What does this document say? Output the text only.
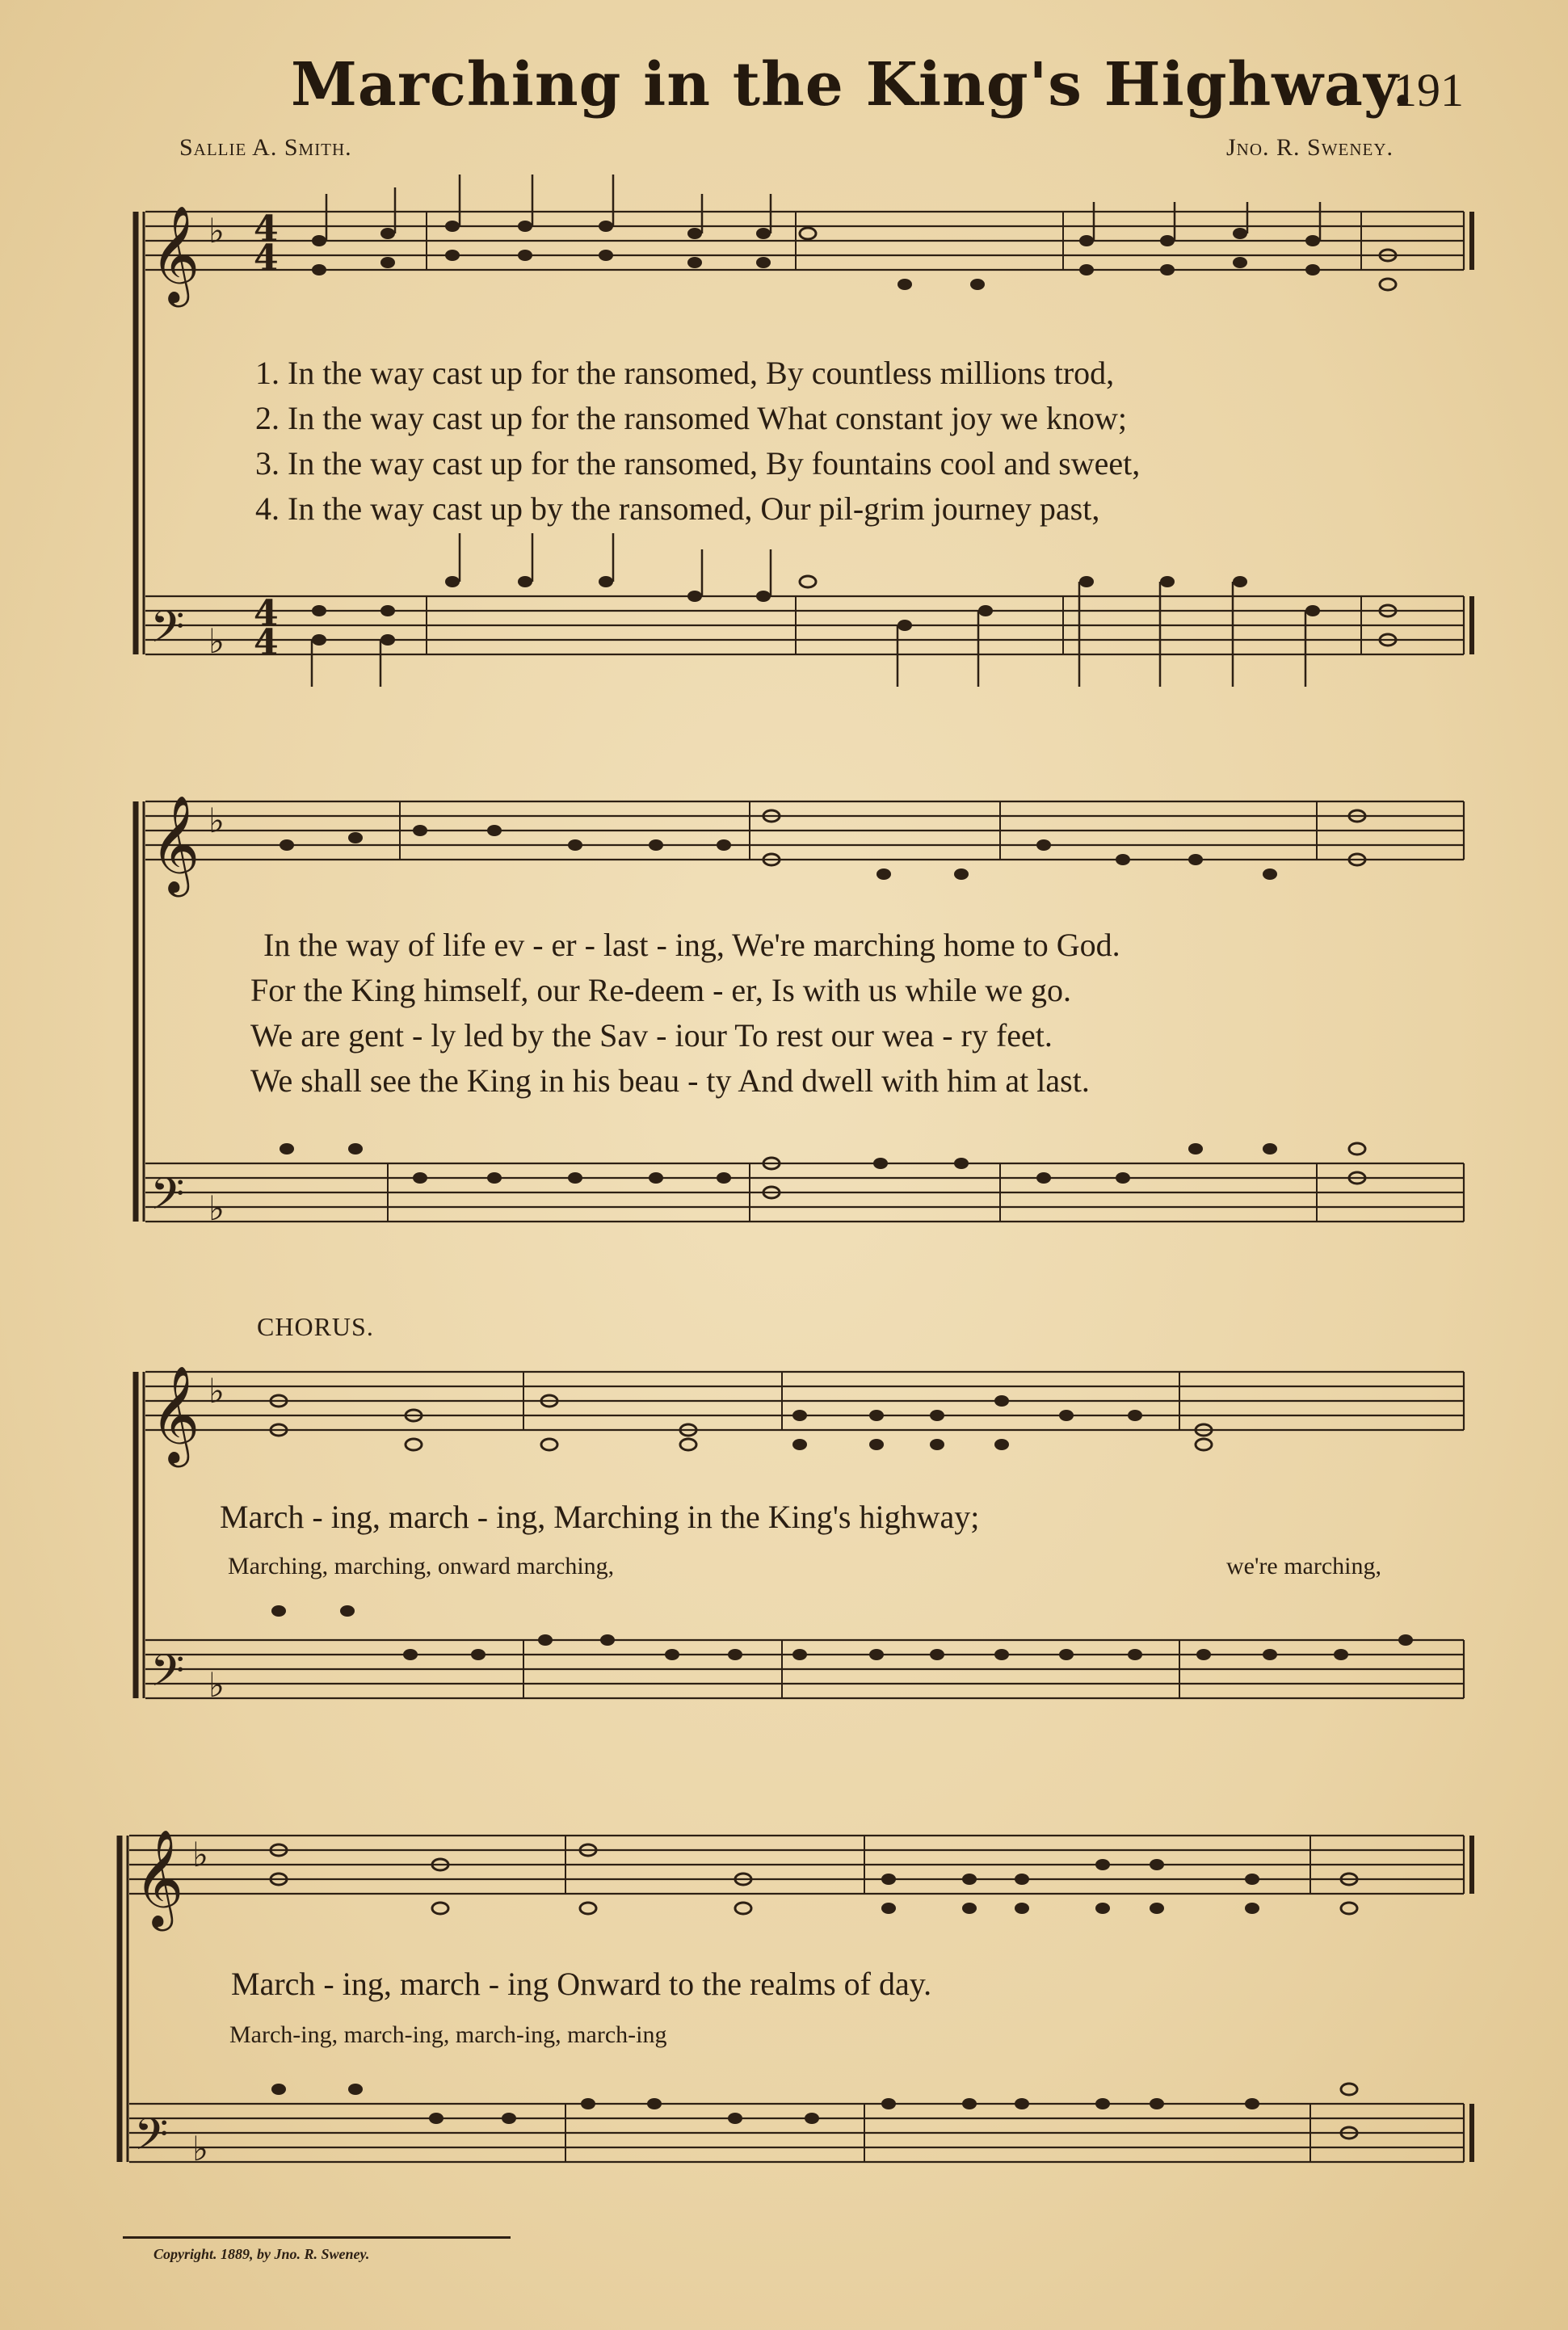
Marching in the King's Highway.
191
Sallie A. Smith.	Jno. R. Sweney.
𝄞
𝄞
𝄞
𝄞
𝄢
𝄢
𝄢
𝄢
♭
♭
♭
♭
♭
♭
♭
♭
4
4
4
4
1. In the way cast up for the ransomed, By countless millions trod,
2. In the way cast up for the ransomed What constant joy we know;
3. In the way cast up for the ransomed, By fountains cool and sweet,
4. In the way cast up by the ransomed, Our pil-grim journey past,
In the way of life ev - er - last - ing, We're marching home to God.
For the King himself, our Re-deem - er, Is with us while we go.
We are gent - ly led by the Sav - iour To rest our wea - ry feet.
We shall see the King in his beau - ty And dwell with him at last.
CHORUS.
March - ing, march - ing, Marching in the King's highway;
Marching, marching, onward marching,	we're marching,
March - ing, march - ing Onward to the realms of day.
March-ing, march-ing, march-ing, march-ing
Copyright. 1889, by Jno. R. Sweney.
